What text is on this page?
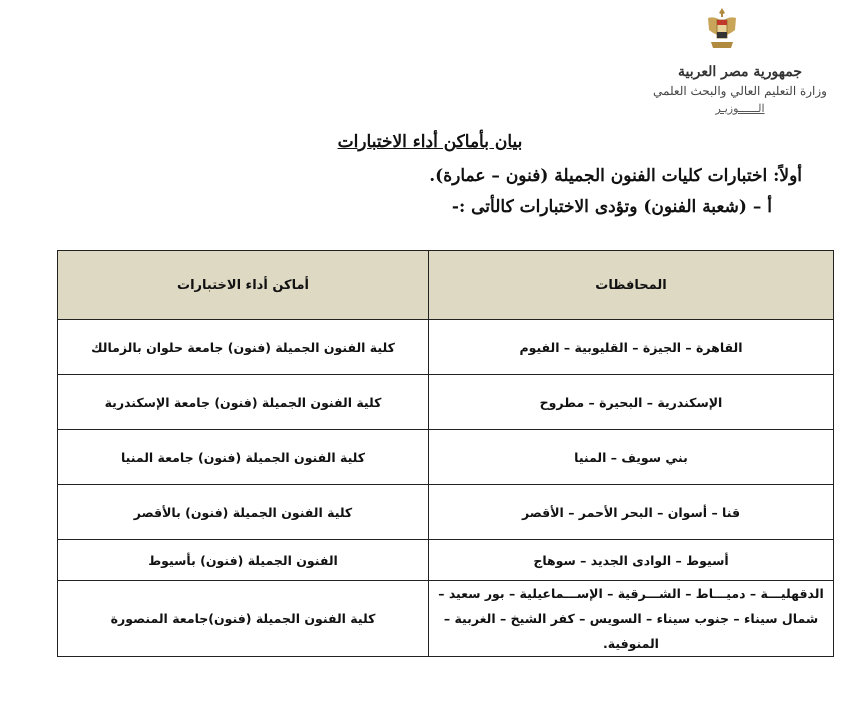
جمهورية مصر العربية
وزارة التعليم العالي والبحث العلمي
الــــــوزيـر
بيان بأماكن أداء الاختبارات
أولاً: اختبارات كليات الفنون الجميلة (فنون – عمارة).
أ – (شعبة الفنون) وتؤدى الاختبارات كالأتى :-
المحافظات	أماكن أداء الاختبارات
القاهرة – الجيزة – القليوبية – الفيوم	كلية الفنون الجميلة (فنون) جامعة حلوان بالزمالك
الإسكندرية – البحيرة – مطروح	كلية الفنون الجميلة (فنون) جامعة الإسكندرية
بني سويف – المنيا	كلية الفنون الجميلة (فنون) جامعة المنيا
قنا – أسوان – البحر الأحمر – الأقصر	كلية الفنون الجميلة (فنون) بالأقصر
أسيوط – الوادى الجديد – سوهاج	الفنون الجميلة (فنون) بأسيوط
الدقهليـــة – دميـــاط – الشـــرقية – الإســـماعيلية – بور سعيد – شمال سيناء – جنوب سيناء – السويس – كفر الشيخ – الغربية – المنوفية.	كلية الفنون الجميلة (فنون)جامعة المنصورة
